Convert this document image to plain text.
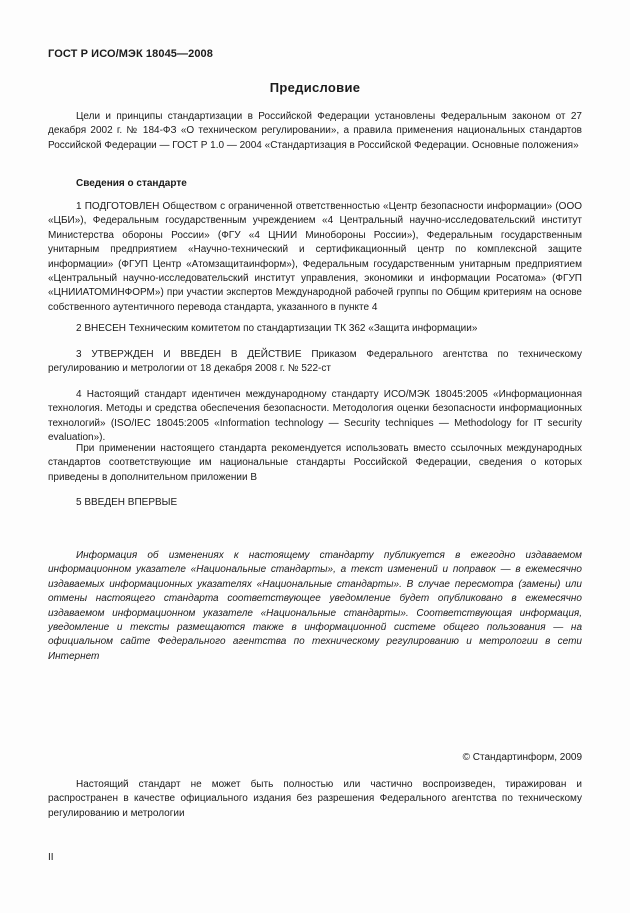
ГОСТ Р ИСО/МЭК 18045—2008
Предисловие

Цели и принципы стандартизации в Российской Федерации установлены Федеральным законом от 27 декабря 2002 г. № 184-ФЗ «О техническом регулировании», а правила применения национальных стандартов Российской Федерации — ГОСТ Р 1.0 — 2004 «Стандартизация в Российской Федерации. Основные положения»

Сведения о стандарте

1 ПОДГОТОВЛЕН Обществом с ограниченной ответственностью «Центр безопасности информации» (ООО «ЦБИ»), Федеральным государственным учреждением «4 Центральный научно-исследовательский институт Министерства обороны России» (ФГУ «4 ЦНИИ Минобороны России»), Федеральным государственным унитарным предприятием «Научно-технический и сертификационный центр по комплексной защите информации» (ФГУП Центр «Атомзащитаинформ»), Федеральным государственным унитарным предприятием «Центральный научно-исследовательский институт управления, экономики и информации Росатома» (ФГУП «ЦНИИАТОМИНФОРМ») при участии экспертов Международной рабочей группы по Общим критериям на основе собственного аутентичного перевода стандарта, указанного в пункте 4

2 ВНЕСЕН Техническим комитетом по стандартизации ТК 362 «Защита информации»

3 УТВЕРЖДЕН И ВВЕДЕН В ДЕЙСТВИЕ Приказом Федерального агентства по техническому регулированию и метрологии от 18 декабря 2008 г. № 522-ст

4 Настоящий стандарт идентичен международному стандарту ИСО/МЭК 18045:2005 «Информационная технология. Методы и средства обеспечения безопасности. Методология оценки безопасности информационных технологий» (ISO/IEC 18045:2005 «Information technology — Security techniques — Methodology for IT security evaluation»).

При применении настоящего стандарта рекомендуется использовать вместо ссылочных международных стандартов соответствующие им национальные стандарты Российской Федерации, сведения о которых приведены в дополнительном приложении В

5 ВВЕДЕН ВПЕРВЫЕ

Информация об изменениях к настоящему стандарту публикуется в ежегодно издаваемом информационном указателе «Национальные стандарты», а текст изменений и поправок — в ежемесячно издаваемых информационных указателях «Национальные стандарты». В случае пересмотра (замены) или отмены настоящего стандарта соответствующее уведомление будет опубликовано в ежемесячно издаваемом информационном указателе «Национальные стандарты». Соответствующая информация, уведомление и тексты размещаются также в информационной системе общего пользования — на официальном сайте Федерального агентства по техническому регулированию и метрологии в сети Интернет

© Стандартинформ, 2009

Настоящий стандарт не может быть полностью или частично воспроизведен, тиражирован и распространен в качестве официального издания без разрешения Федерального агентства по техническому регулированию и метрологии

II
